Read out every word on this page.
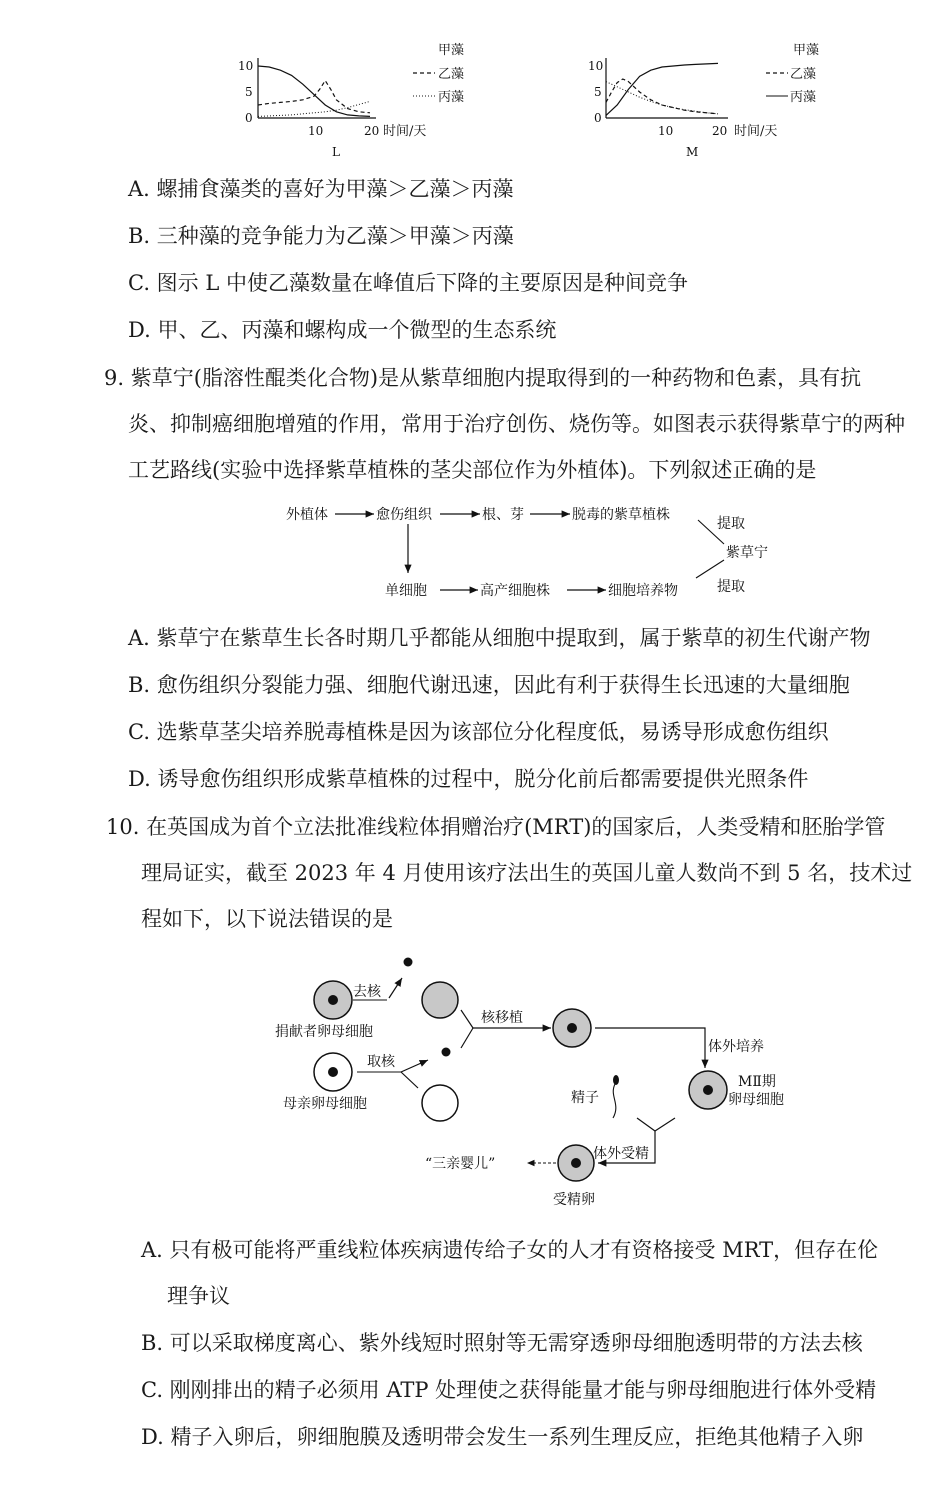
甲藻
乙藻
丙藻
10
5
0
10	20 时间/天
L
甲藻
乙藻
丙藻
10
5
0
10	20 时间/天
M
A. 螺捕食藻类的喜好为甲藻＞乙藻＞丙藻
B. 三种藻的竞争能力为乙藻＞甲藻＞丙藻
C. 图示 L 中使乙藻数量在峰值后下降的主要原因是种间竞争
D. 甲、乙、丙藻和螺构成一个微型的生态系统
9. 紫草宁(脂溶性醌类化合物)是从紫草细胞内提取得到的一种药物和色素，具有抗
炎、抑制癌细胞增殖的作用，常用于治疗创伤、烧伤等。如图表示获得紫草宁的两种
工艺路线(实验中选择紫草植株的茎尖部位作为外植体)。下列叙述正确的是
外植体	愈伤组织	根、芽	脱毒的紫草植株
单细胞	高产细胞株	细胞培养物
提取
紫草宁
提取
A. 紫草宁在紫草生长各时期几乎都能从细胞中提取到，属于紫草的初生代谢产物
B. 愈伤组织分裂能力强、细胞代谢迅速，因此有利于获得生长迅速的大量细胞
C. 选紫草茎尖培养脱毒植株是因为该部位分化程度低，易诱导形成愈伤组织
D. 诱导愈伤组织形成紫草植株的过程中，脱分化前后都需要提供光照条件
10. 在英国成为首个立法批准线粒体捐赠治疗(MRT)的国家后，人类受精和胚胎学管
理局证实，截至 2023 年 4 月使用该疗法出生的英国儿童人数尚不到 5 名，技术过
程如下，以下说法错误的是
去核
捐献者卵母细胞
取核
母亲卵母细胞
核移植
体外培养
MⅡ期
卵母细胞
精子
体外受精
“三亲婴儿”
受精卵
A. 只有极可能将严重线粒体疾病遗传给子女的人才有资格接受 MRT，但存在伦
理争议
B. 可以采取梯度离心、紫外线短时照射等无需穿透卵母细胞透明带的方法去核
C. 刚刚排出的精子必须用 ATP 处理使之获得能量才能与卵母细胞进行体外受精
D. 精子入卵后，卵细胞膜及透明带会发生一系列生理反应，拒绝其他精子入卵
